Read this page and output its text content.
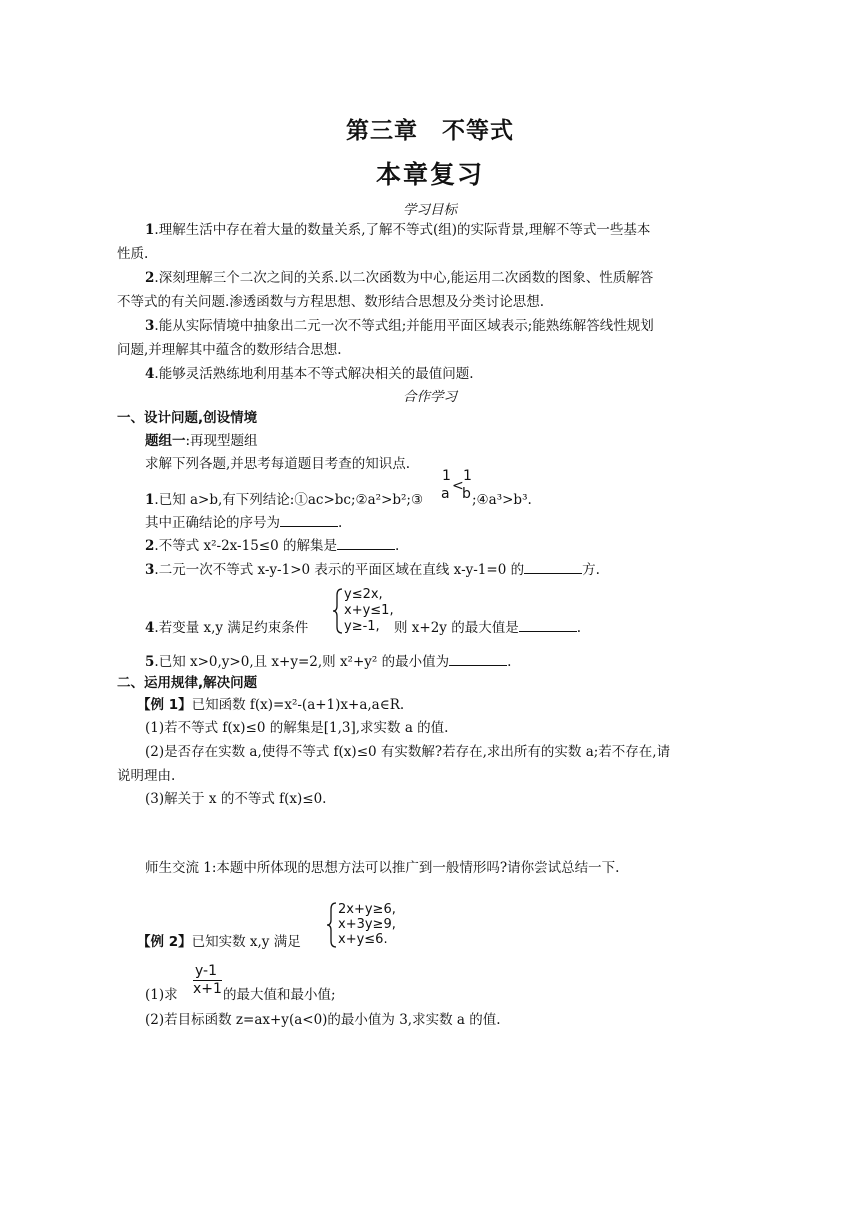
第三章　不等式
本章复习
学习目标
1.理解生活中存在着大量的数量关系,了解不等式(组)的实际背景,理解不等式一些基本
性质.
2.深刻理解三个二次之间的关系.以二次函数为中心,能运用二次函数的图象、性质解答
不等式的有关问题.渗透函数与方程思想、数形结合思想及分类讨论思想.
3.能从实际情境中抽象出二元一次不等式组;并能用平面区域表示;能熟练解答线性规划
问题,并理解其中蕴含的数形结合思想.
4.能够灵活熟练地利用基本不等式解决相关的最值问题.
合作学习
一、设计问题,创设情境
题组一:再现型题组
求解下列各题,并思考每道题目考查的知识点.
1.已知 a>b,有下列结论:①ac>bc;②a²>b²;③
1
a <
1
b ;④a³>b³.
其中正确结论的序号为	.
2.不等式 x²-2x-15≤0 的解集是	.
3.二元一次不等式 x-y-1>0 表示的平面区域在直线 x-y-1=0 的	方.
4.若变量 x,y 满足约束条件
y≤2x,
x+y≤1,
y≥-1, 则 x+2y 的最大值是	.
5.已知 x>0,y>0,且 x+y=2,则 x²+y² 的最小值为	.
二、运用规律,解决问题
【例 1】已知函数 f(x)=x²-(a+1)x+a,a∈R.
(1)若不等式 f(x)≤0 的解集是[1,3],求实数 a 的值.
(2)是否存在实数 a,使得不等式 f(x)≤0 有实数解?若存在,求出所有的实数 a;若不存在,请
说明理由.
(3)解关于 x 的不等式 f(x)≤0.
师生交流 1:本题中所体现的思想方法可以推广到一般情形吗?请你尝试总结一下.
【例 2】已知实数 x,y 满足
2x+y≥6,
x+3y≥9,
x+y≤6.
(1)求
y-1
x+1 的最大值和最小值;
(2)若目标函数 z=ax+y(a<0)的最小值为 3,求实数 a 的值.
